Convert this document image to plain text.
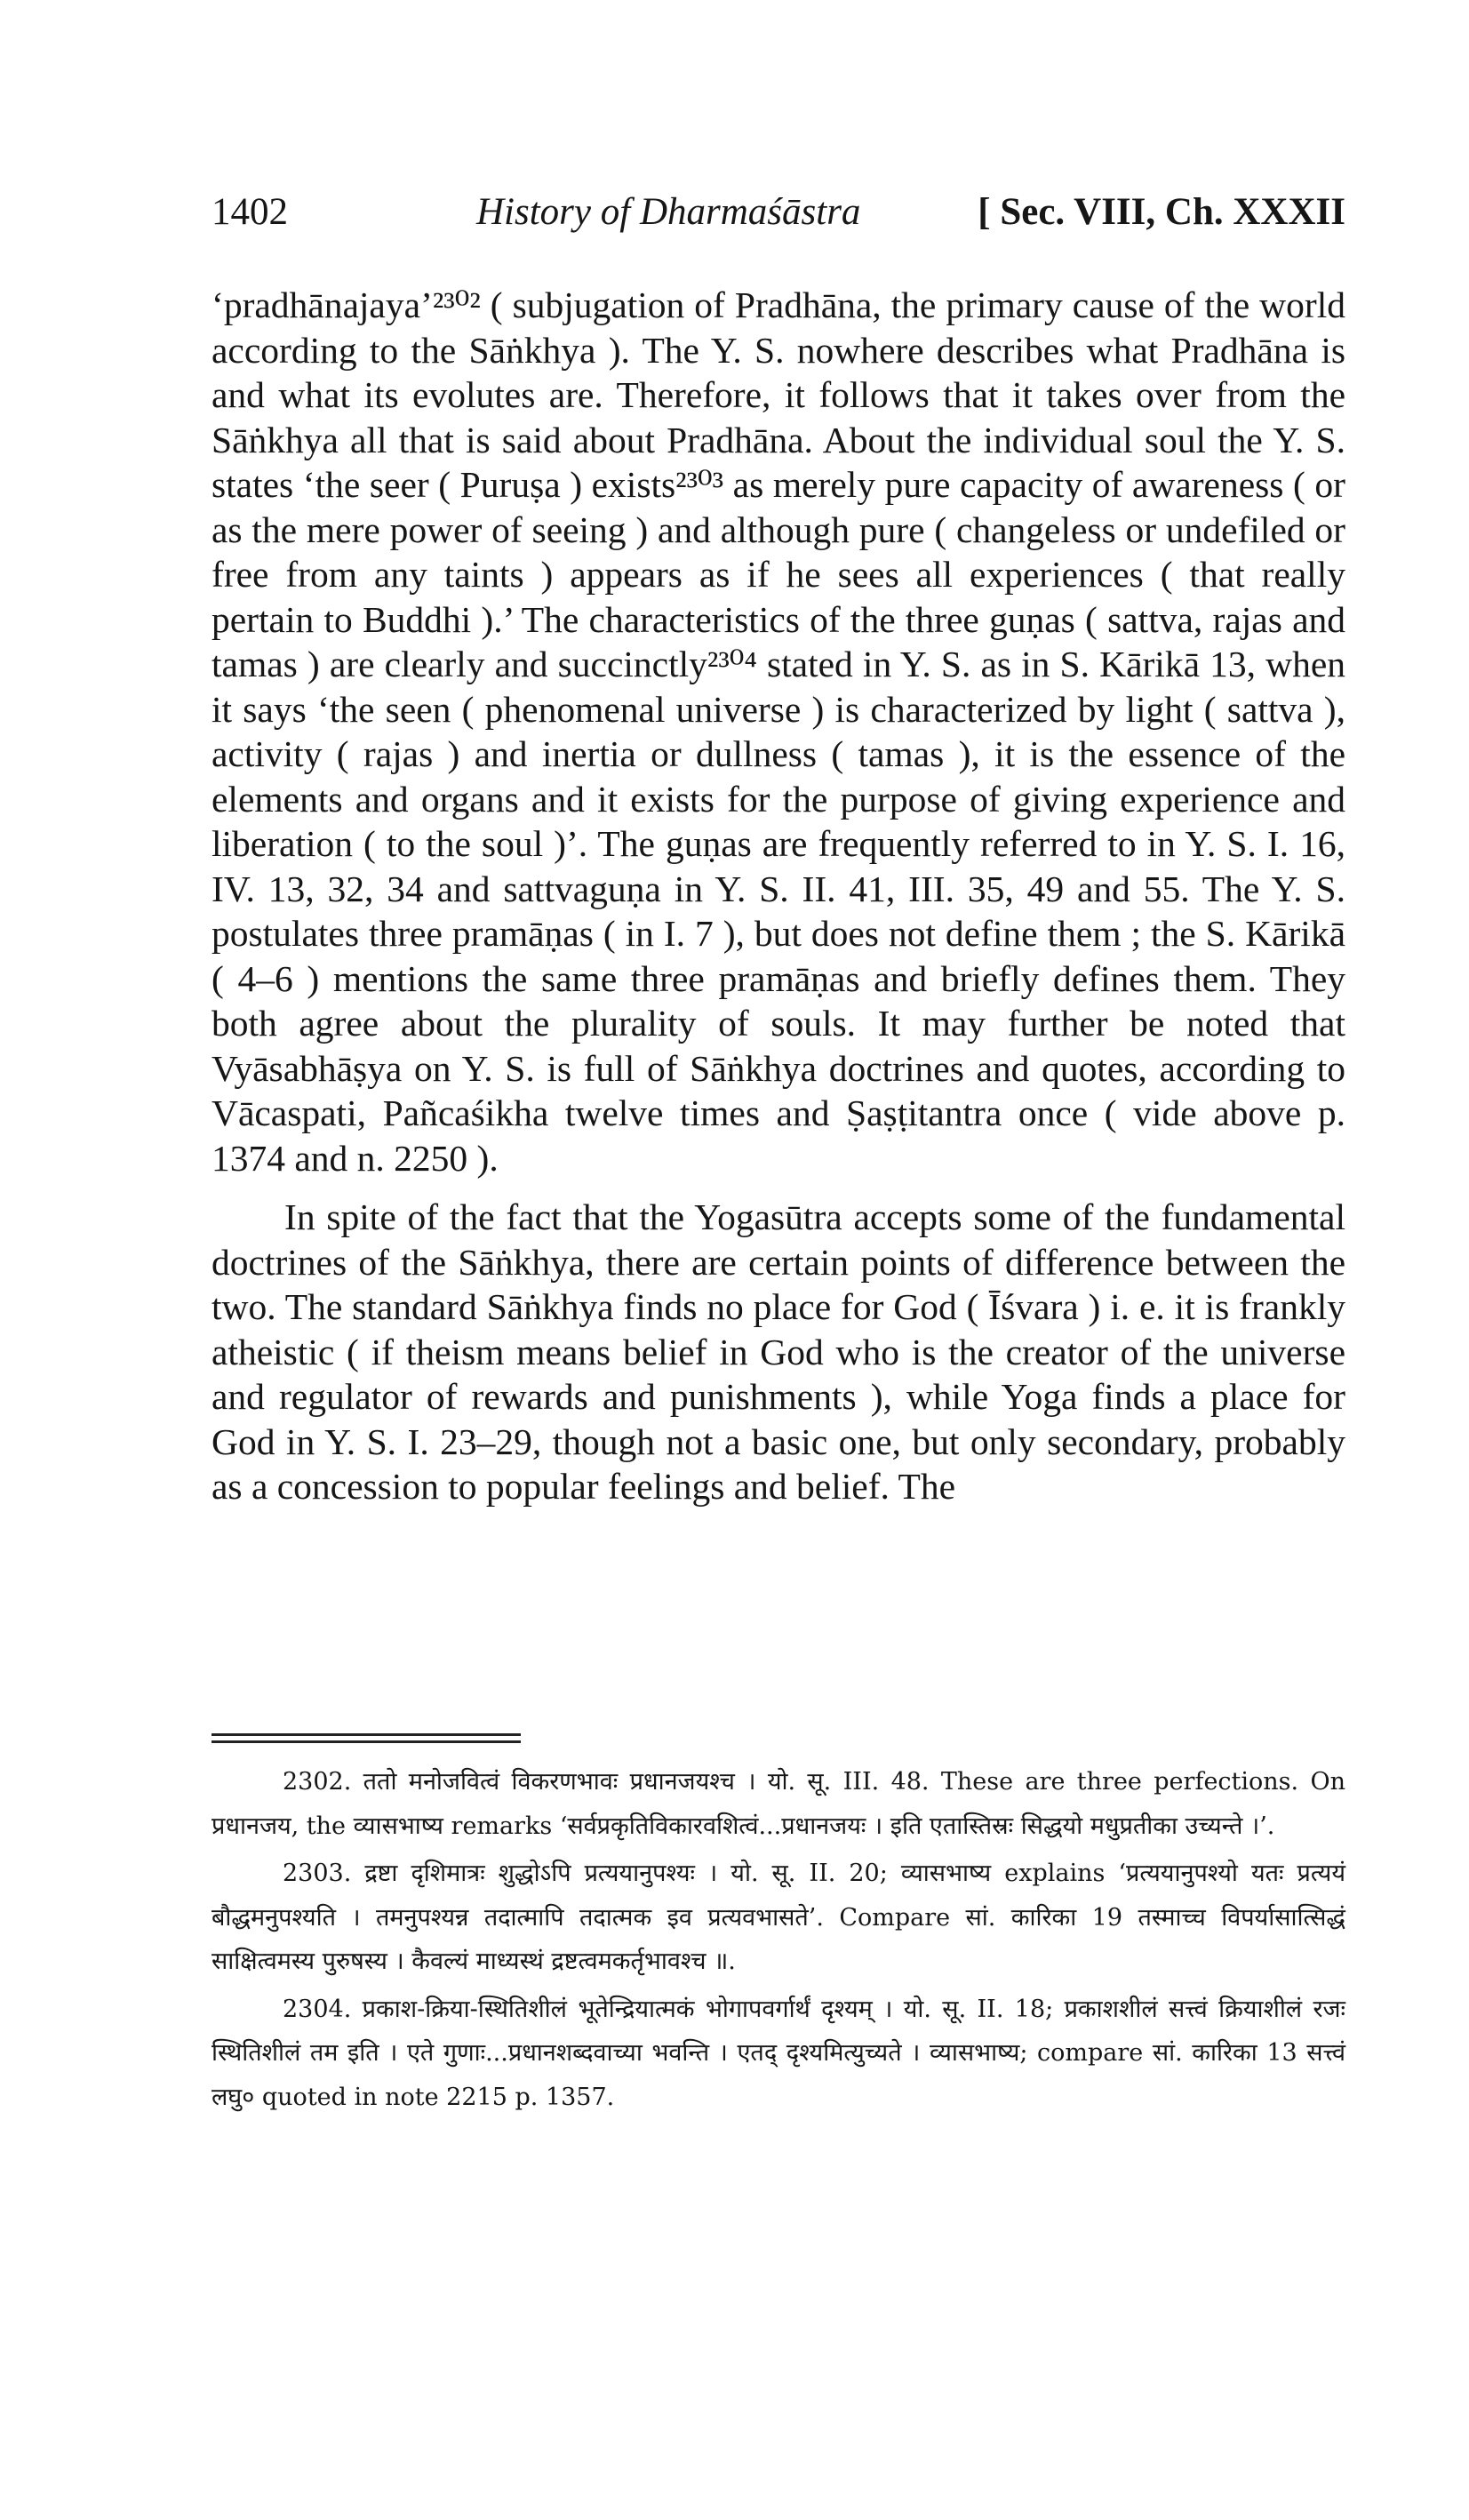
1402	History of Dharmaśāstra	[ Sec. VIII, Ch. XXXII

‘pradhānajaya’²³⁰² ( subjugation of Pradhāna, the primary cause of the world according to the Sāṅkhya ). The Y. S. nowhere describes what Pradhāna is and what its evolutes are. Therefore, it follows that it takes over from the Sāṅkhya all that is said about Pradhāna. About the individual soul the Y. S. states ‘the seer ( Puruṣa ) exists²³⁰³ as merely pure capacity of awareness ( or as the mere power of seeing ) and although pure ( changeless or undefiled or free from any taints ) appears as if he sees all experiences ( that really pertain to Buddhi ).’ The characteristics of the three guṇas ( sattva, rajas and tamas ) are clearly and succinctly²³⁰⁴ stated in Y. S. as in S. Kārikā 13, when it says ‘the seen ( phenomenal universe ) is characterized by light ( sattva ), activity ( rajas ) and inertia or dullness ( tamas ), it is the essence of the elements and organs and it exists for the purpose of giving experience and liberation ( to the soul )’. The guṇas are frequently referred to in Y. S. I. 16, IV. 13, 32, 34 and sattvaguṇa in Y. S. II. 41, III. 35, 49 and 55. The Y. S. postulates three pramāṇas ( in I. 7 ), but does not define them ; the S. Kārikā ( 4–6 ) mentions the same three pramāṇas and briefly defines them. They both agree about the plurality of souls. It may further be noted that Vyāsabhāṣya on Y. S. is full of Sāṅkhya doctrines and quotes, according to Vācaspati, Pañcaśikha twelve times and Ṣaṣṭitantra once ( vide above p. 1374 and n. 2250 ).

In spite of the fact that the Yogasūtra accepts some of the fundamental doctrines of the Sāṅkhya, there are certain points of difference between the two. The standard Sāṅkhya finds no place for God ( Īśvara ) i. e. it is frankly atheistic ( if theism means belief in God who is the creator of the universe and regulator of rewards and punishments ), while Yoga finds a place for God in Y. S. I. 23–29, though not a basic one, but only secondary, probably as a concession to popular feelings and belief. The

2302. ततो मनोजवित्वं विकरणभावः प्रधानजयश्च । यो. सू. III. 48. These are three perfections. On प्रधानजय, the व्यासभाष्य remarks ‘सर्वप्रकृतिविकारवशित्वं...प्रधानजयः । इति एतास्तिस्रः सिद्धयो मधुप्रतीका उच्यन्ते ।’.

2303. द्रष्टा दृशिमात्रः शुद्धोऽपि प्रत्ययानुपश्यः । यो. सू. II. 20; व्यासभाष्य explains ‘प्रत्ययानुपश्यो यतः प्रत्ययं बौद्धमनुपश्यति । तमनुपश्यन्न तदात्मापि तदात्मक इव प्रत्यवभासते’. Compare सां. कारिका 19 तस्माच्च विपर्यासात्सिद्धं साक्षित्वमस्य पुरुषस्य । कैवल्यं माध्यस्थं द्रष्टत्वमकर्तृभावश्च ॥.

2304. प्रकाश-क्रिया-स्थितिशीलं भूतेन्द्रियात्मकं भोगापवर्गार्थं दृश्यम् । यो. सू. II. 18; प्रकाशशीलं सत्त्वं क्रियाशीलं रजः स्थितिशीलं तम इति । एते गुणाः...प्रधानशब्दवाच्या भवन्ति । एतद् दृश्यमित्युच्यते । व्यासभाष्य; compare सां. कारिका 13 सत्त्वं लघु० quoted in note 2215 p. 1357.
